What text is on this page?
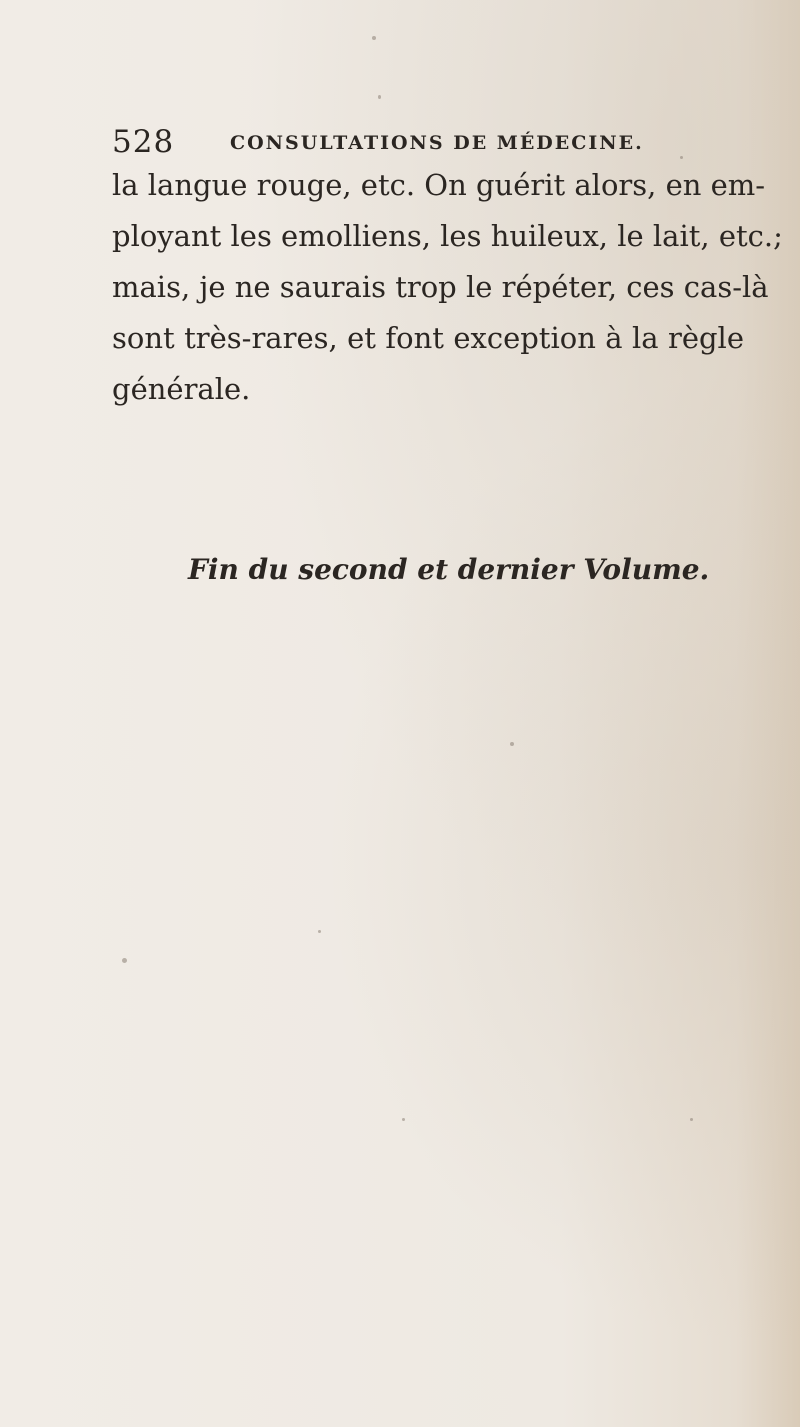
528	CONSULTATIONS DE MÉDECINE.
la langue rouge, etc. On guérit alors, en em-
ployant les emolliens, les huileux, le lait, etc.;
mais, je ne saurais trop le répéter, ces cas-là
sont très-rares, et font exception à la règle
générale.
Fin du second et dernier Volume.
